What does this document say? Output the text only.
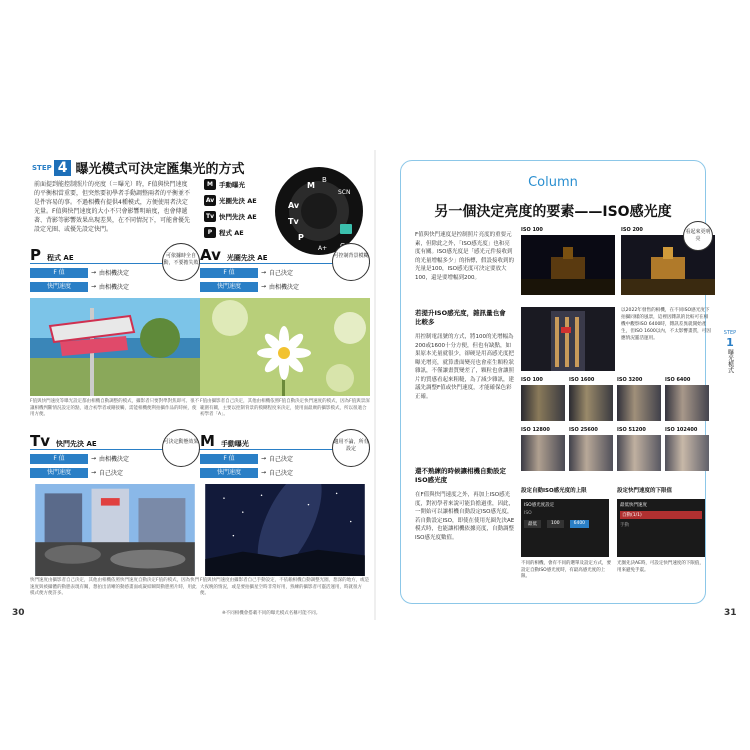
STEP 4 曝光模式可決定匯集光的方式
前面提到能控制照片的亮度（＝曝光）時，F值與快門速度的平衡相當重要，但突然要初學者手動調整兩者的平衡並不是件容易的事。不過相機有提供4種模式，方便使用者決定光量。F值與快門速度的大小不只會影響明暗度，也會傳遞著、背影等影響效果出現差異，在不同情況下，可能會優先設定光圈、或優先設定快門。
M 手動曝光
Av 光圈先決 AE
Tv 快門先決 AE
P	程式 AE
M
Av
Tv
P
B
A+
SCN
P 程式 AE
F 值	→ 由相機決定
快門速度	→ 由相機決定
可依據時全自動，不要擔失敗
F值與快門速度等曝光設定都由相機自動調整的模式，攝影者只要對準對焦即可。很不讓相機判斷情況設定的點，適合初學者或剛接觸，需能相機便利拍攝作品的時候，使用方便。
Av 光圈先決 AE
F 值	→ 自己決定
快門速度	→ 由相機決定
可控制背景模糊
F值由攝影者自己決定，其他由相機依照F值自動決定快門速度的模式，因為F值與景深範圍有關，主要以控制背景的模糊程度來決定，使用面最廣的攝影模式，所以很適合初學者「A」。
Tv 快門先決 AE
F 值	→ 由相機決定
快門速度	→ 自己決定
可決定動態效果
快門速度由攝影者自己決定，其他由相機依照快門速度自動決定F值的模式，因為快門速度與被攝體的動態表現有關，想拍出清晰的動感畫面或凝結瞬間動態照片時，用此模式便方便許多。
M 手動曝光
F 值	→ 自己決定
快門速度	→ 自己決定
適用不論，所有設定
F值與快門速度由攝影者自己手動設定，不依賴相機自動調整光圈，想深的地方，或是大夜晚的情況，或是要拍攝星空時非常好用，熟練的攝影者可靈活運用，時就很方便。
30	※不同相機會搭載不同的曝光模式名稱可能不同。
Column
另一個決定亮度的要素——ISO感光度
F值與快門速度是控制照片亮度的重要元素，但除此之外，「ISO感光度」也和亮度有關。ISO感光度是「感光元件接收到的光量增幅多少」的指標，假設接收到的光量是100，ISO感光度可決定要放大100，還是要增幅到200。
若提升ISO感光度，雜訊量也會比較多
用控制電訊號的方式，將100的光增幅為200或1600十分方便，但也有缺點，如果原本光量就很少，卻硬是用高感光度把曝光增亮，就算畫面變亮也會產生顆粒狀雜訊，不僅讓畫質變差了，顆粒也會讓照片的質感看起來粗糙，為了減少雜訊，建議先調整F值或快門速度，才能確保色彩正確。
還不熟練的時候讓相機自動設定ISO感光度
在F值與快門速度之外，再加上ISO感光度，對初學者來說可能負擔過重，因此，一開始可以讓相機自動設定ISO感光度，若自動設定ISO，即使在使用光圈先決AE模式時，也能讓相機依據亮度，自動調整ISO感光度數值。
ISO 100	ISO 200	看起來更明亮
以2022年發售的相機，在不同ISO感光度下拍攝同樣的風景，這裡因雜訊的比較可在相機中觀察ISO 6400時，雜訊差異就開始產生，但ISO 1600以內，不太影響畫質，可因應情況靈活運用。
ISO 100	ISO 1600	ISO 3200	ISO 6400
ISO 12800	ISO 25600	ISO 51200	ISO 102400
設定自動ISO感光度的上限	設定快門速度的下限值
ISO感光度設定
ISO
最低	100	6400
最低快門速度
自動(1/1)
手動
不同的相機，會有不同的選單及設定方式，要設定自動ISO感光度時，有最高感光度的上限。
光圈先決AE時，可設定快門速度的下限值，用來避免手震。
STEP
1
曝光模式
31
